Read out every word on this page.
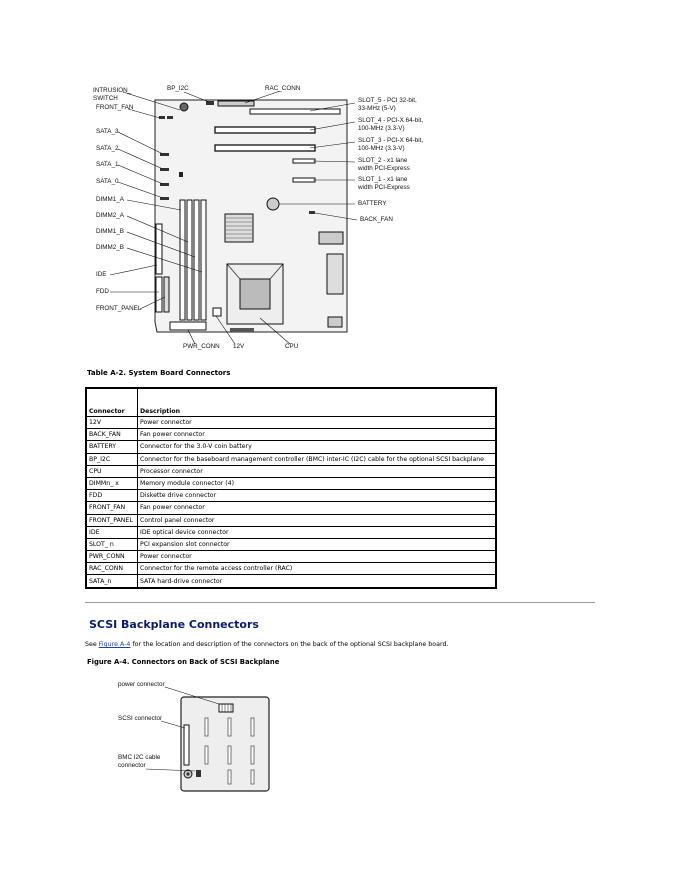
INTRUSION_
SWITCH
BP_I2C	RAC_CONN
FRONT_FAN
SATA_3
SATA_2
SATA_1
SATA_0
DIMM1_A
DIMM2_A
DIMM1_B
DIMM2_B
IDE
FDD
FRONT_PANEL
PWR_CONN 12V	CPU
SLOT_5 - PCI 32-bit,
33-MHz (5-V)
SLOT_4 - PCI-X 64-bit,
100-MHz (3.3-V)
SLOT_3 - PCI-X 64-bit,
100-MHz (3.3-V)
SLOT_2 - x1 lane
width PCI-Express
SLOT_1 - x1 lane
width PCI-Express
BATTERY
BACK_FAN
Table A-2. System Board Connectors
Connector	Description
12V	Power connector
BACK_FAN	Fan power connector
BATTERY	Connector for the 3.0-V coin battery
BP_I2C	Connector for the baseboard management controller (BMC) inter-IC (I2C) cable for the optional SCSI backplane
CPU	Processor connector
DIMMn_ x	Memory module connector (4)
FDD	Diskette drive connector
FRONT_FAN	Fan power connector
FRONT_PANEL	Control panel connector
IDE	IDE optical device connector
SLOT_ n	PCI expansion slot connector
PWR_CONN	Power connector
RAC_CONN	Connector for the remote access controller (RAC)
SATA_n	SATA hard-drive connector
SCSI Backplane Connectors
See Figure A-4 for the location and description of the connectors on the back of the optional SCSI backplane board.
Figure A-4. Connectors on Back of SCSI Backplane
power connector
SCSI connector
BMC I2C cable
connector
